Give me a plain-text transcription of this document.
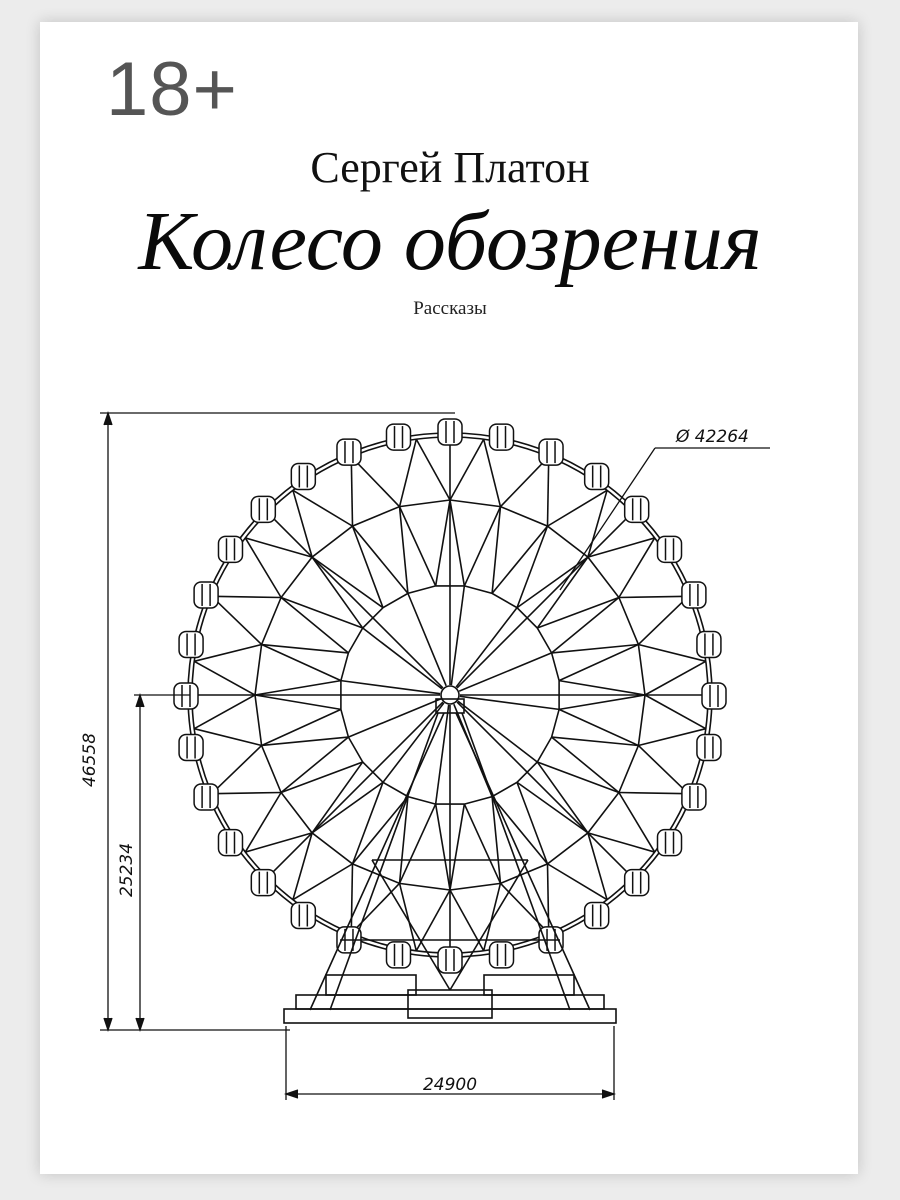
18+
Сергей Платон
Колесо обозрения
Рассказы
Ø 42264
46558
25234
24900
